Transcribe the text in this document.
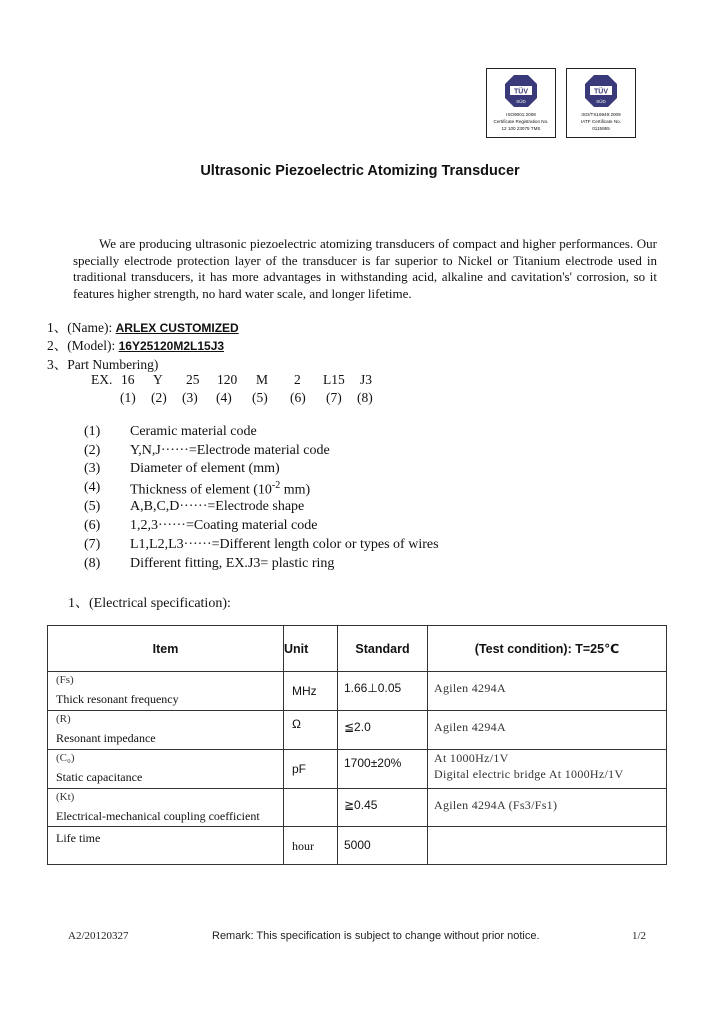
TÜV
SÜD
ISO9001:2008
Certificate Registration No.
12 100 23075 TMS
TÜV
SÜD
ISO/TS16949:2009
IATF Certificate No.
0115955
Ultrasonic Piezoelectric Atomizing Transducer

We are producing ultrasonic piezoelectric atomizing transducers of compact and higher performances. Our specially electrode protection layer of the transducer is far superior to Nickel or Titanium electrode used in traditional transducers, it has more advantages in withstanding acid, alkaline and cavitation's' corrosion, so it features higher strength, no hard water scale, and longer lifetime.

1、(Name): ARLEX CUSTOMIZED
2、(Model): 16Y25120M2L15J3
3、Part Numbering)
EX. 16 Y 25 120 M 2 L15 J3
(1) (2) (3) (4) (5) (6) (7) (8)
(1) Ceramic material code
(2) Y,N,J······=Electrode material code
(3) Diameter of element (mm)
(4) Thickness of element ($10^{-2}$ mm)
(5) A,B,C,D······=Electrode shape
(6) 1,2,3······=Coating material code
(7) L1,L2,L3······=Different length color or types of wires
(8) Different fitting, EX.J3= plastic ring
1、(Electrical specification):
Item	Unit	Standard	(Test condition): T=25℃

(Fs)
Thick resonant frequency	MHz	1.66⊥0.05	Agilen 4294A

(R)
Resonant impedance	Ω	≦2.0	Agilen 4294A

(C₀)
Static capacitance	pF	1700±20%	At 1000Hz/1V
Digital electric bridge At 1000Hz/1V

(Kt)
Electrical-mechanical coupling coefficient		≧0.45	Agilen 4294A (Fs3/Fs1)

Life time	hour	5000	

A2/20120327	Remark: This specification is subject to change without prior notice.	1/2
